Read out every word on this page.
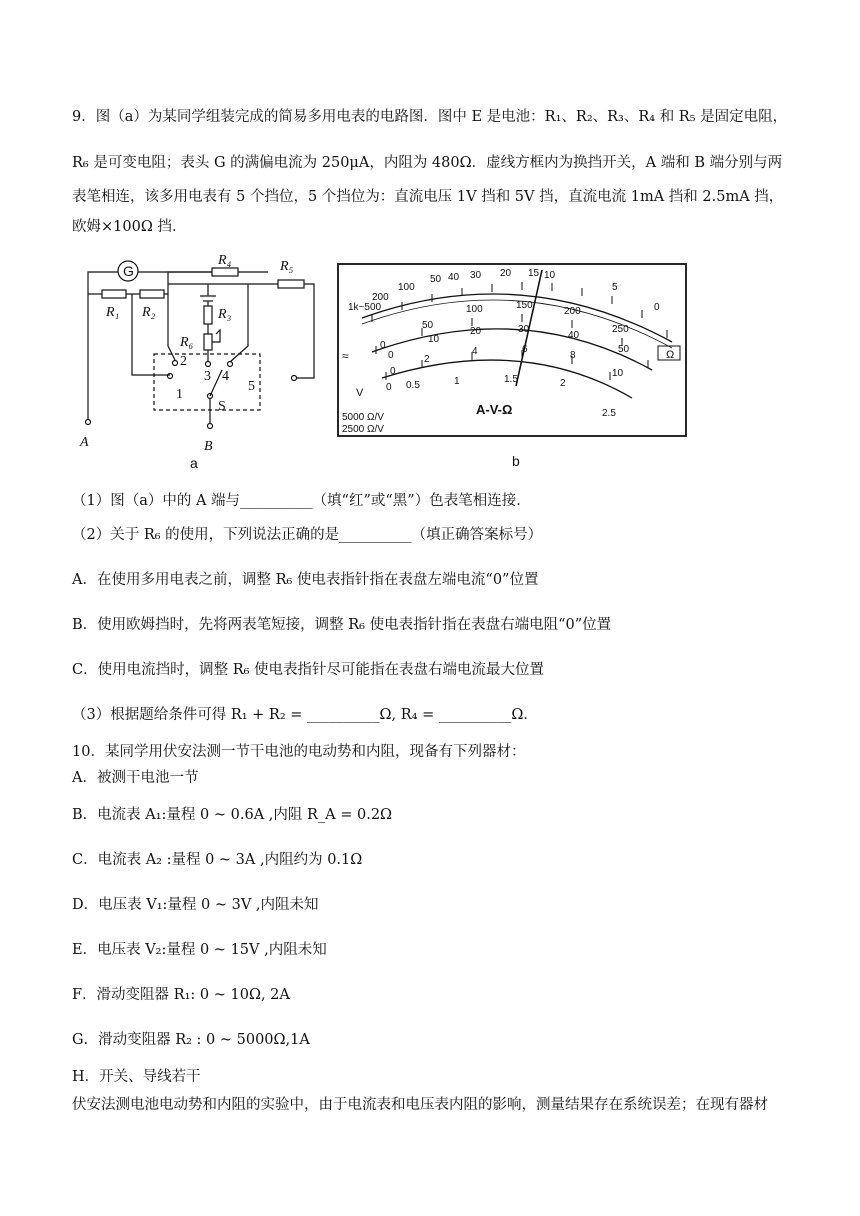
9．图（a）为某同学组装完成的简易多用电表的电路图．图中 E 是电池：R₁、R₂、R₃、R₄ 和 R₅ 是固定电阻，
R₆ 是可变电阻；表头 G 的满偏电流为 250μA，内阻为 480Ω．虚线方框内为换挡开关，A 端和 B 端分别与两
表笔相连，该多用电表有 5 个挡位，5 个挡位为：直流电压 1V 挡和 5V 挡，直流电流 1mA 挡和 2.5mA 挡，
欧姆×100Ω 挡．
G
R₁ R₂
R₄	R₅
R₃
R₆
2
1
3 4
5
S
A	B
a
1k~500
200
100
50 40 30 20 15 10
5
0
Ω
0
50
100	150
200
250
0
10
20	30
40
50
≈
0 0.5	1	1.5	2
2.5
0
2
4	6
8
10
V
A-V-Ω
5000 Ω/V
2500 Ω/V
b
（1）图（a）中的 A 端与__________（填“红”或“黑”）色表笔相连接．
（2）关于 R₆ 的使用，下列说法正确的是__________（填正确答案标号）
A．在使用多用电表之前，调整 R₆ 使电表指针指在表盘左端电流“0”位置
B．使用欧姆挡时，先将两表笔短接，调整 R₆ 使电表指针指在表盘右端电阻“0”位置
C．使用电流挡时，调整 R₆ 使电表指针尽可能指在表盘右端电流最大位置
（3）根据题给条件可得 R₁ + R₂ = __________Ω, R₄ = __________Ω．
10．某同学用伏安法测一节干电池的电动势和内阻，现备有下列器材：
A．被测干电池一节
B．电流表 A₁:量程 0 ~ 0.6A ,内阻 R_A = 0.2Ω
C．电流表 A₂ :量程 0 ~ 3A ,内阻约为 0.1Ω
D．电压表 V₁:量程 0 ~ 3V ,内阻未知
E．电压表 V₂:量程 0 ~ 15V ,内阻未知
F．滑动变阻器 R₁: 0 ~ 10Ω, 2A
G．滑动变阻器 R₂ : 0 ~ 5000Ω,1A
H．开关、导线若干
伏安法测电池电动势和内阻的实验中，由于电流表和电压表内阻的影响，测量结果存在系统误差；在现有器材
